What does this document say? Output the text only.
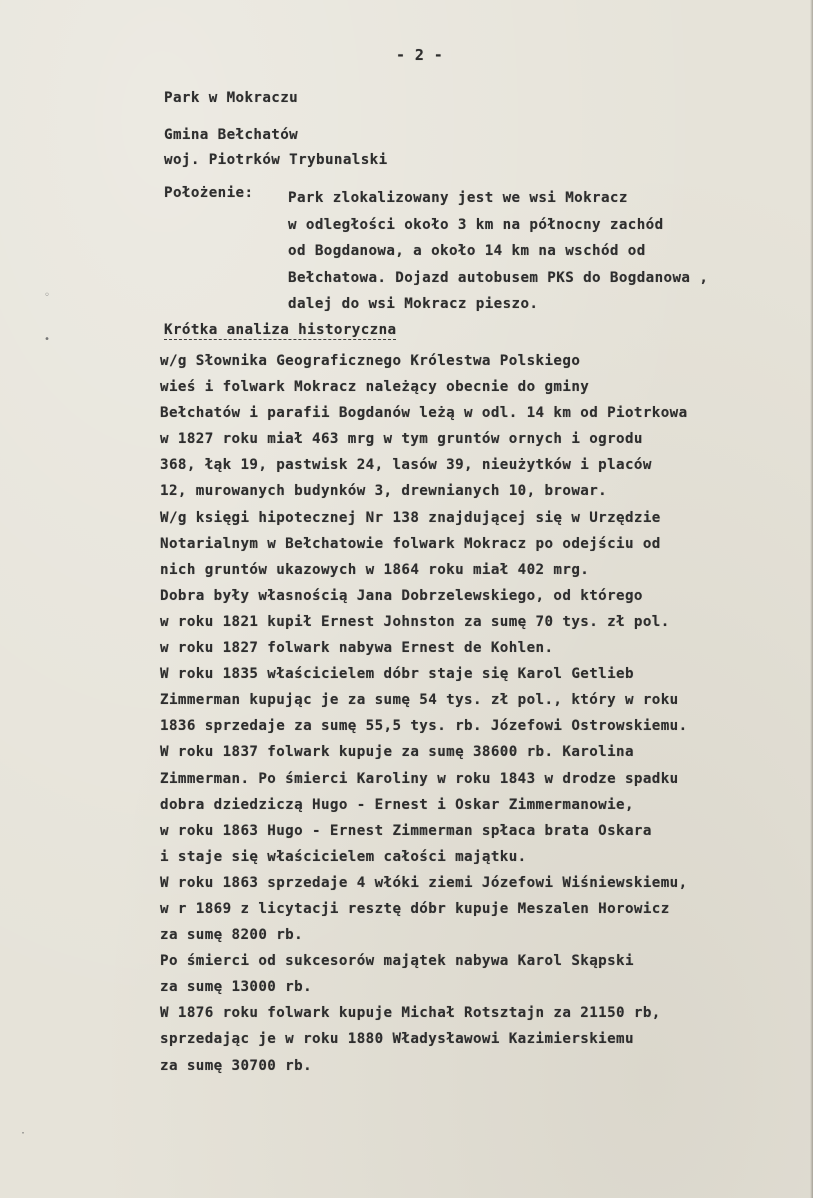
- 2 -
Park w Mokraczu
Gmina Bełchatów
woj. Piotrków Trybunalski
Położenie: Park zlokalizowany jest we wsi Mokracz
w odległości około 3 km na północny zachód
od Bogdanowa, a około 14 km na wschód od
Bełchatowa. Dojazd autobusem PKS do Bogdanowa ,
dalej do wsi Mokracz pieszo.
Krótka analiza historyczna
w/g Słownika Geograficznego Królestwa Polskiego
wieś i folwark Mokracz należący obecnie do gminy
Bełchatów i parafii Bogdanów leżą w odl. 14 km od Piotrkowa
w 1827 roku miał 463 mrg w tym gruntów ornych i ogrodu
368, łąk 19, pastwisk 24, lasów 39, nieużytków i placów
12, murowanych budynków 3, drewnianych 10, browar.
W/g księgi hipotecznej Nr 138 znajdującej się w Urzędzie
Notarialnym w Bełchatowie folwark Mokracz po odejściu od
nich gruntów ukazowych w 1864 roku miał 402 mrg.
Dobra były własnością Jana Dobrzelewskiego, od którego
w roku 1821 kupił Ernest Johnston za sumę 70 tys. zł pol.
w roku 1827 folwark nabywa Ernest de Kohlen.
W roku 1835 właścicielem dóbr staje się Karol Getlieb
Zimmerman kupując je za sumę 54 tys. zł pol., który w roku
1836 sprzedaje za sumę 55,5 tys. rb. Józefowi Ostrowskiemu.
W roku 1837 folwark kupuje za sumę 38600 rb. Karolina
Zimmerman. Po śmierci Karoliny w roku 1843 w drodze spadku
dobra dziedziczą Hugo - Ernest i Oskar Zimmermanowie,
w roku 1863 Hugo - Ernest Zimmerman spłaca brata Oskara
i staje się właścicielem całości majątku.
W roku 1863 sprzedaje 4 włóki ziemi Józefowi Wiśniewskiemu,
w r 1869 z licytacji resztę dóbr kupuje Meszalen Horowicz
za sumę 8200 rb.
Po śmierci od sukcesorów majątek nabywa Karol Skąpski
za sumę 13000 rb.
W 1876 roku folwark kupuje Michał Rotsztajn za 21150 rb,
sprzedając je w roku 1880 Władysławowi Kazimierskiemu
za sumę 30700 rb.
◦
•
·
